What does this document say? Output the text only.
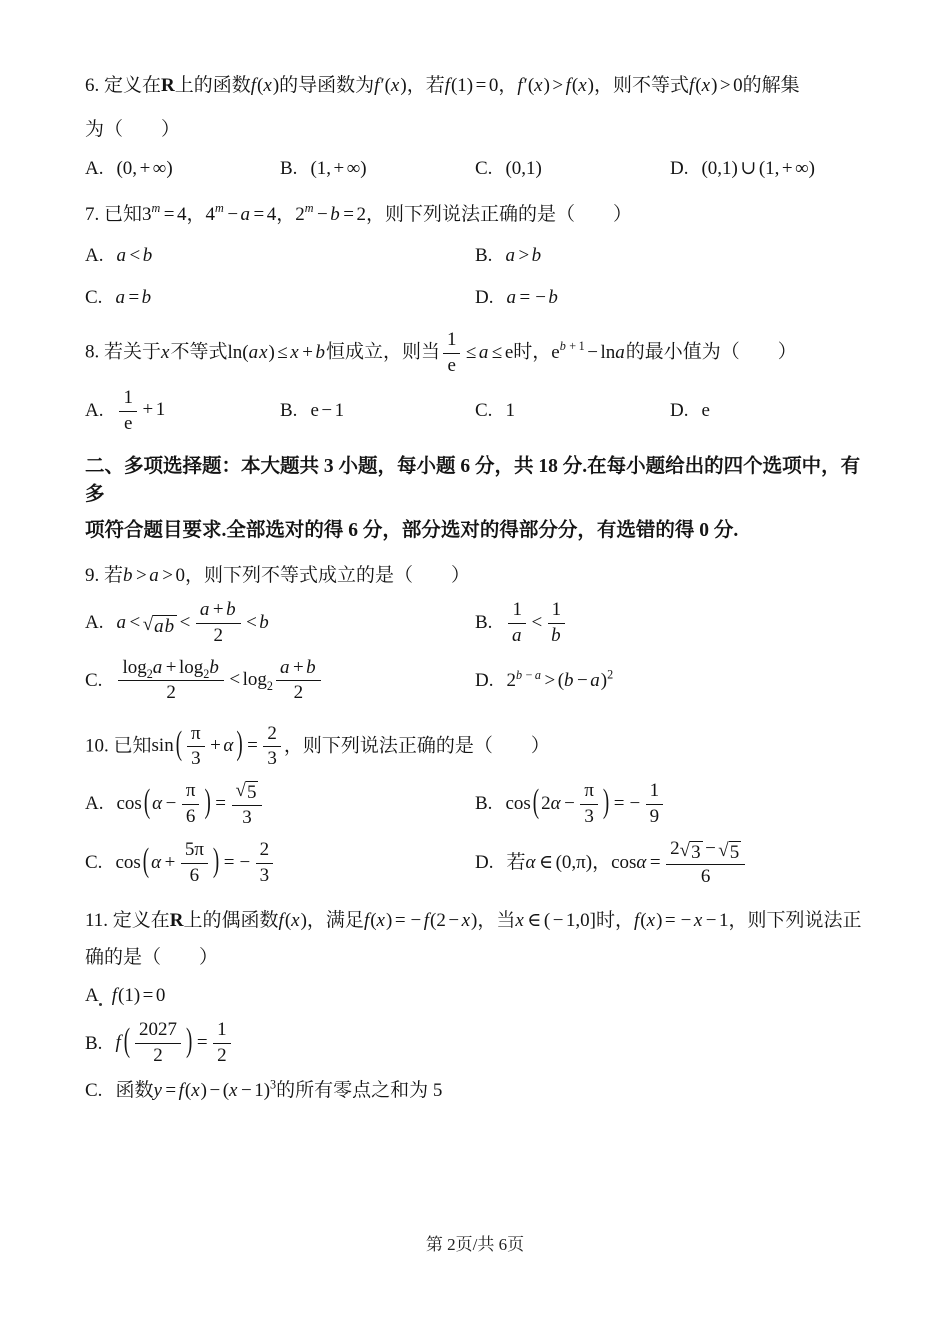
6. 定义在R上的函数f(x)的导函数为f′(x)，若f(1) = 0，f′(x) > f(x)，则不等式f(x) > 0的解集
为（　　）
A. (0, + ∞)	B. (1, + ∞)	C. (0,1)	D. (0,1) ∪ (1, + ∞)
7. 已知$3^m = 4$，$4^m - a = 4$，$2^m - b = 2$，则下列说法正确的是（　　）
A. a < b	B. a > b
C. a = b	D. a = − b
8. 若关于x不等式ln(ax) ≤ x + b恒成立，则当 $\frac{1}{e} \le a \le e$时，$e^{b + 1} - \ln a$的最小值为（　　）
A. $\frac{1}{e} + 1$	B. e − 1	C. 1	D. e
二、多项选择题：本大题共 3 小题，每小题 6 分，共 18 分.在每小题给出的四个选项中，有多
项符合题目要求.全部选对的得 6 分，部分选对的得部分分，有选错的得 0 分.
9. 若b > a > 0，则下列不等式成立的是（　　）
A. a < √ ab < $\frac{a + b}{2} < b$	B. $\frac{1}{a} < \frac{1}{b}$
C. $\frac{\log_2a + \log_2b}{2} < \log_2 \frac{a + b}{2}$	D. $2^{b - a} > (b - a)^2$
10. 已知sin ( $\frac{\pi}{3} + \alpha$ ) = $\frac{2}{3}$ ，则下列说法正确的是（　　）
A. cos ( $\alpha - \frac{\pi}{6}$ ) = $\frac{√ 5}{3}$	B. cos ( $2\alpha - \frac{\pi}{3}$ ) = − $\frac{1}{9}$
C. cos ( $\alpha + \frac{5\pi}{6}$ ) = − $\frac{2}{3}$	D. 若α ∈ (0,π)，$\cos\alpha = \frac{2 √ 3 - √ 5}{6}$
11. 定义在R上的偶函数f(x)，满足f(x) = − f(2 − x)，当x ∈ ( − 1,0]时，f(x) = − x − 1，则下列说法正
确的是（　　）
A f(1) = 0
B. f ( $\frac{2027}{2}$ ) = $\frac{1}{2}$
C. 函数$y = f(x) - (x - 1)^3$的所有零点之和为 5
第 2页/共 6页
